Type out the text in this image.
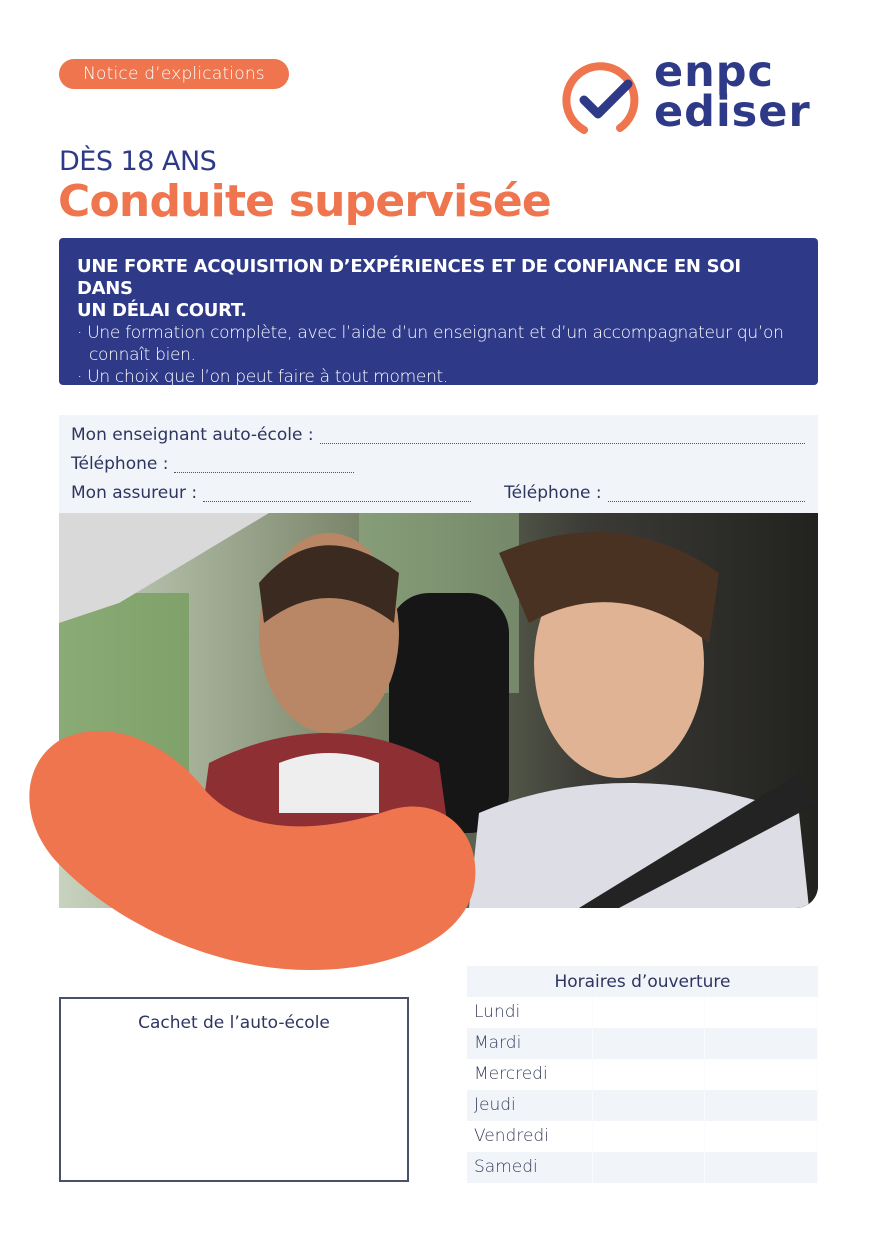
Notice d’explications	enpc
ediser
DÈS 18 ANS
Conduite supervisée
UNE FORTE ACQUISITION D’EXPÉRIENCES ET DE CONFIANCE EN SOI DANS
UN DÉLAI COURT.
· Une formation complète, avec l’aide d’un enseignant et d’un accompagnateur qu’on connaît bien.
· Un choix que l’on peut faire à tout moment.
Mon enseignant auto-école :
Téléphone :
Mon assureur :	Téléphone :
Cachet de l’auto-école
Horaires d’ouverture
Lundi
Mardi
Mercredi
Jeudi
Vendredi
Samedi
